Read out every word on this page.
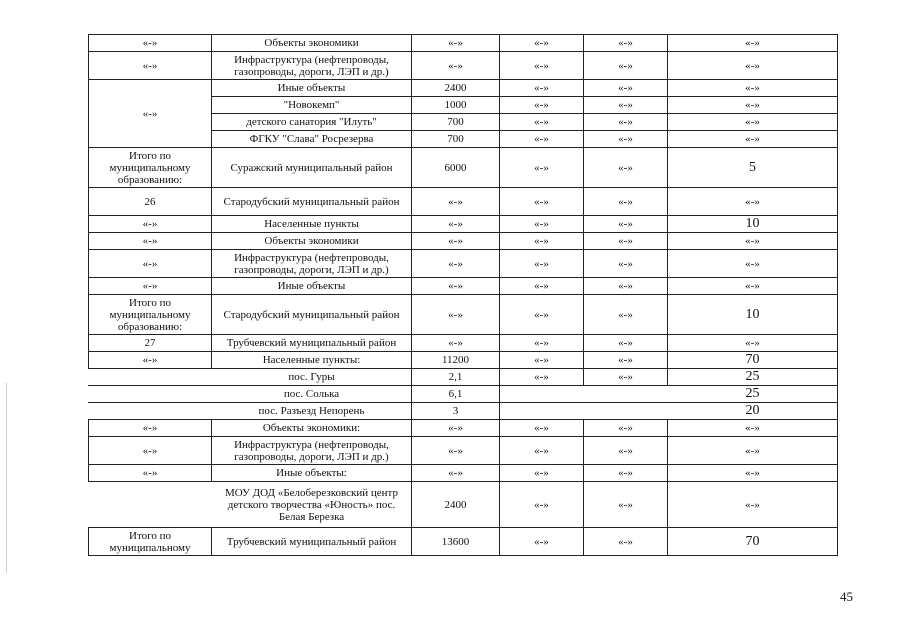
«-»	Объекты экономики	«-»	«-»	«-»	«-»
«-»	Инфраструктура (нефтепроводы, газопроводы, дороги, ЛЭП и др.)	«-»	«-»	«-»	«-»
«-»	Иные объекты	2400	«-»	«-»	«-»
	"Новокемп"	1000	«-»	«-»	«-»
	детского санатория "Илуть"	700	«-»	«-»	«-»
	ФГКУ "Слава" Росрезерва	700	«-»	«-»	«-»
Итого по муниципальному образованию:	Суражский муниципальный район	6000	«-»	«-»	5
26	Стародубский муниципальный район	«-»	«-»	«-»	«-»
«-»	Населенные пункты	«-»	«-»	«-»	10
«-»	Объекты экономики	«-»	«-»	«-»	«-»
«-»	Инфраструктура (нефтепроводы, газопроводы, дороги, ЛЭП и др.)	«-»	«-»	«-»	«-»
«-»	Иные объекты	«-»	«-»	«-»	«-»
Итого по муниципальному образованию:	Стародубский муниципальный район	«-»	«-»	«-»	10
27	Трубчевский муниципальный район	«-»	«-»	«-»	«-»
«-»	Населенные пункты:	11200	«-»	«-»	70
	пос. Гуры	2,1	«-»	«-»	25
	пос. Солька	6,1			25
	пос. Разъезд Непорень	3			20
«-»	Объекты экономики:	«-»	«-»	«-»	«-»
«-»	Инфраструктура (нефтепроводы, газопроводы, дороги, ЛЭП и др.)	«-»	«-»	«-»	«-»
«-»	Иные объекты:	«-»	«-»	«-»	«-»
	МОУ ДОД «Белоберезковский центр детского творчества «Юность» пос. Белая Берeзка	2400	«-»	«-»	«-»
Итого по муниципальному	Трубчевский муниципальный район	13600	«-»	«-»	70
45
